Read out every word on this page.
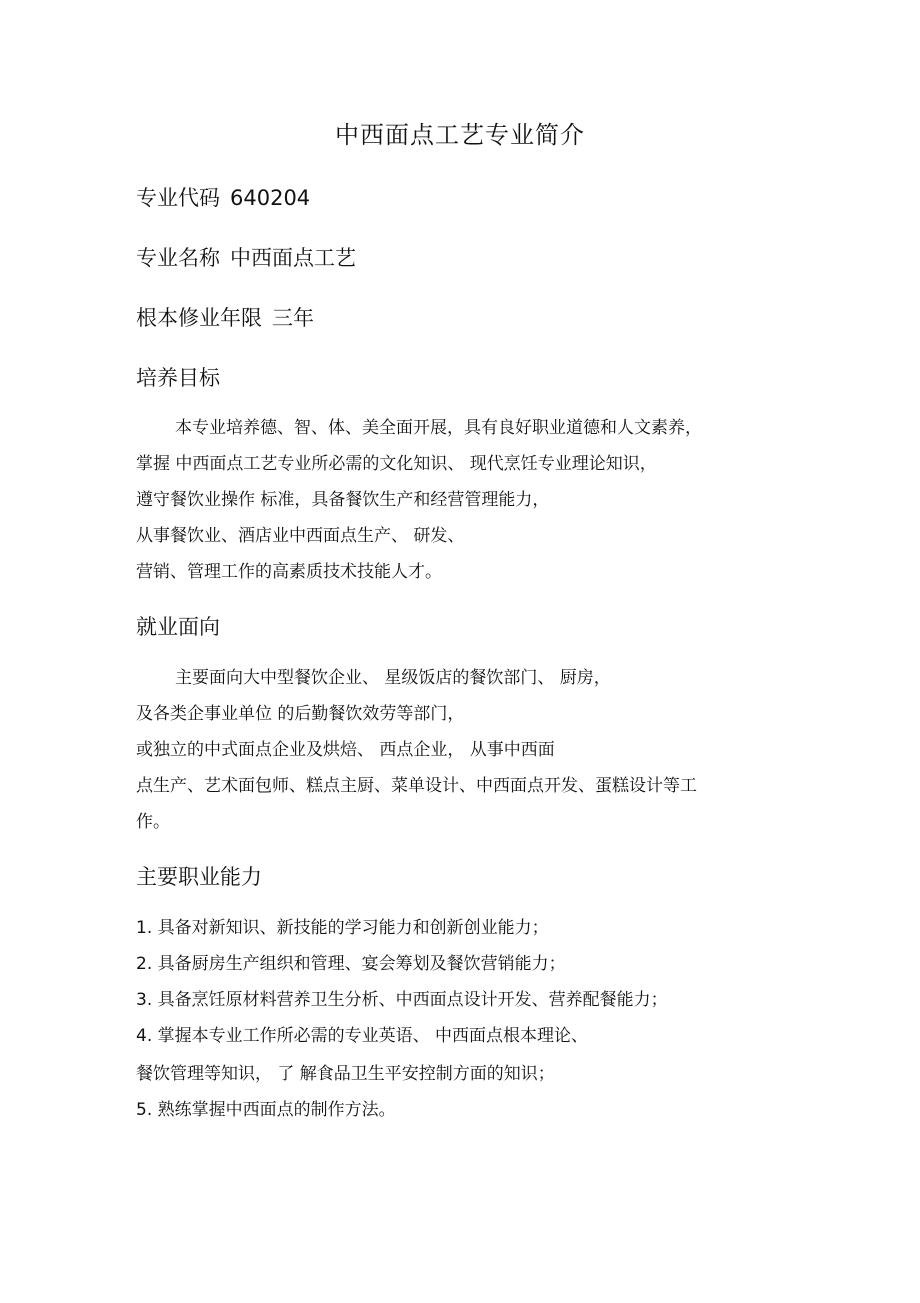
中西面点工艺专业简介
专业代码 640204
专业名称 中西面点工艺
根本修业年限 三年
培养目标
本专业培养德、智、体、美全面开展，具有良好职业道德和人文素养，
掌握 中西面点工艺专业所必需的文化知识、 现代烹饪专业理论知识，
遵守餐饮业操作 标准，具备餐饮生产和经营管理能力，
从事餐饮业、酒店业中西面点生产、 研发、
营销、管理工作的高素质技术技能人才。
就业面向
主要面向大中型餐饮企业、 星级饭店的餐饮部门、 厨房，
及各类企事业单位 的后勤餐饮效劳等部门，
或独立的中式面点企业及烘焙、 西点企业， 从事中西面
点生产、艺术面包师、糕点主厨、菜单设计、中西面点开发、蛋糕设计等工
作。
主要职业能力
1. 具备对新知识、新技能的学习能力和创新创业能力；
2. 具备厨房生产组织和管理、宴会筹划及餐饮营销能力；
3. 具备烹饪原材料营养卫生分析、中西面点设计开发、营养配餐能力；
4. 掌握本专业工作所必需的专业英语、 中西面点根本理论、
餐饮管理等知识， 了 解食品卫生平安控制方面的知识；
5. 熟练掌握中西面点的制作方法。
